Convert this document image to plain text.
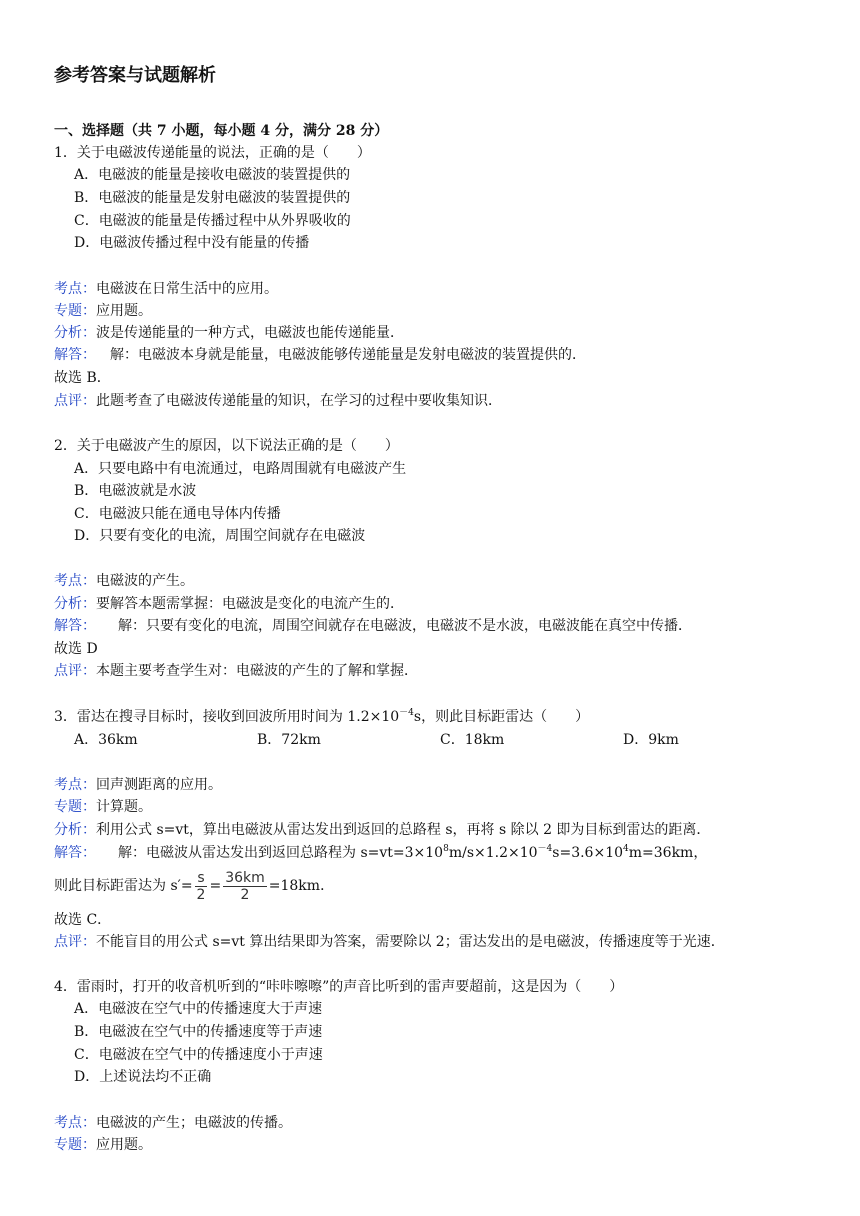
参考答案与试题解析
一、选择题（共 7 小题，每小题 4 分，满分 28 分）
1．关于电磁波传递能量的说法，正确的是（　　）
A．电磁波的能量是接收电磁波的装置提供的
B．电磁波的能量是发射电磁波的装置提供的
C．电磁波的能量是传播过程中从外界吸收的
D．电磁波传播过程中没有能量的传播
考点：电磁波在日常生活中的应用。
专题：应用题。
分析：波是传递能量的一种方式，电磁波也能传递能量．
解答： 解：电磁波本身就是能量，电磁波能够传递能量是发射电磁波的装置提供的．
故选 B．
点评：此题考查了电磁波传递能量的知识，在学习的过程中要收集知识．
2．关于电磁波产生的原因，以下说法正确的是（　　）
A．只要电路中有电流通过，电路周围就有电磁波产生
B．电磁波就是水波
C．电磁波只能在通电导体内传播
D．只要有变化的电流，周围空间就存在电磁波
考点：电磁波的产生。
分析：要解答本题需掌握：电磁波是变化的电流产生的．
解答： 解：只要有变化的电流，周围空间就存在电磁波，电磁波不是水波，电磁波能在真空中传播．
故选 D
点评：本题主要考查学生对：电磁波的产生的了解和掌握．
3．雷达在搜寻目标时，接收到回波所用时间为 $1.2\times 10^{-4}s$，则此目标距雷达（　　）
A．36km	B．72km	C．18km	D．9km
考点：回声测距离的应用。
专题：计算题。
分析：利用公式 s=vt，算出电磁波从雷达发出到返回的总路程 s，再将 s 除以 2 即为目标到雷达的距离．
解答： 解：电磁波从雷达发出到返回总路程为 $s=vt=3\times 10^8m/s\times 1.2\times 10^{-4}s=3.6\times 10^4m=36km$，
则此目标距雷达为 $s'= \frac{s}{2} = \frac{36km}{2} =18km$．
故选 C．
点评：不能盲目的用公式 s=vt 算出结果即为答案，需要除以 2；雷达发出的是电磁波，传播速度等于光速．
4．雷雨时，打开的收音机听到的“咔咔嚓嚓”的声音比听到的雷声要超前，这是因为（　　）
A．电磁波在空气中的传播速度大于声速
B．电磁波在空气中的传播速度等于声速
C．电磁波在空气中的传播速度小于声速
D．上述说法均不正确
考点：电磁波的产生；电磁波的传播。
专题：应用题。
